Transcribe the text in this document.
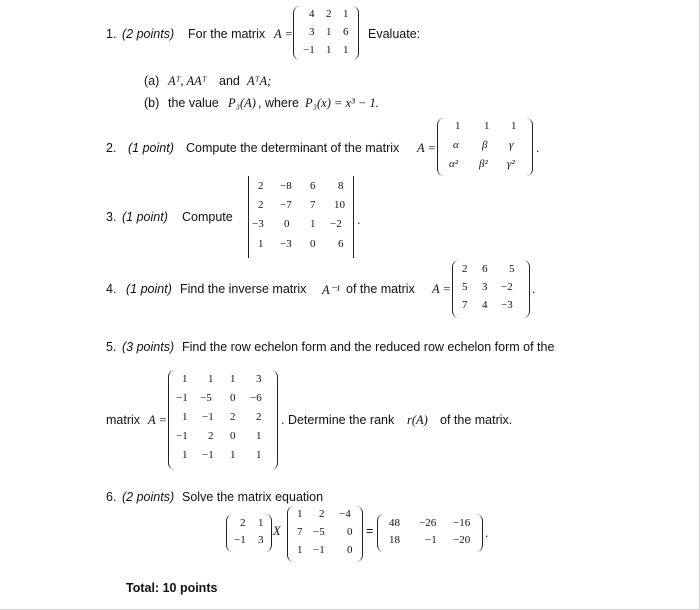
1. (2 points) For the matrix A =
4 2 1
3 1 6
−1 1 1
Evaluate:
(a) Aᵀ, AAᵀ and AᵀA;
(b) the value P₃(A) , where P₃(x) = x³ − 1.
2. (1 point) Compute the determinant of the matrix A =
1 1 1
α β γ
α² β² γ²
.
3. (1 point) Compute
2 −8 6 8
2 −7 7 10
−3 0 1 −2
1 −3 0 6
.
4. (1 point) Find the inverse matrix A⁻¹ of the matrix A =
2 6 5
5 3 −2
7 4 −3
.
5. (3 points) Find the row echelon form and the reduced row echelon form of the
matrix A =
1 1 1 3
−1 −5 0 −6
1 −1 2 2
−1 2 0 1
1 −1 1 1
. Determine the rank r(A) of the matrix.
6. (2 points) Solve the matrix equation
2 1
−1 3
X
1 2 −4
7 −5 0
1 −1 0
=
48 −26 −16
18 −1 −20 .
Total: 10 points
